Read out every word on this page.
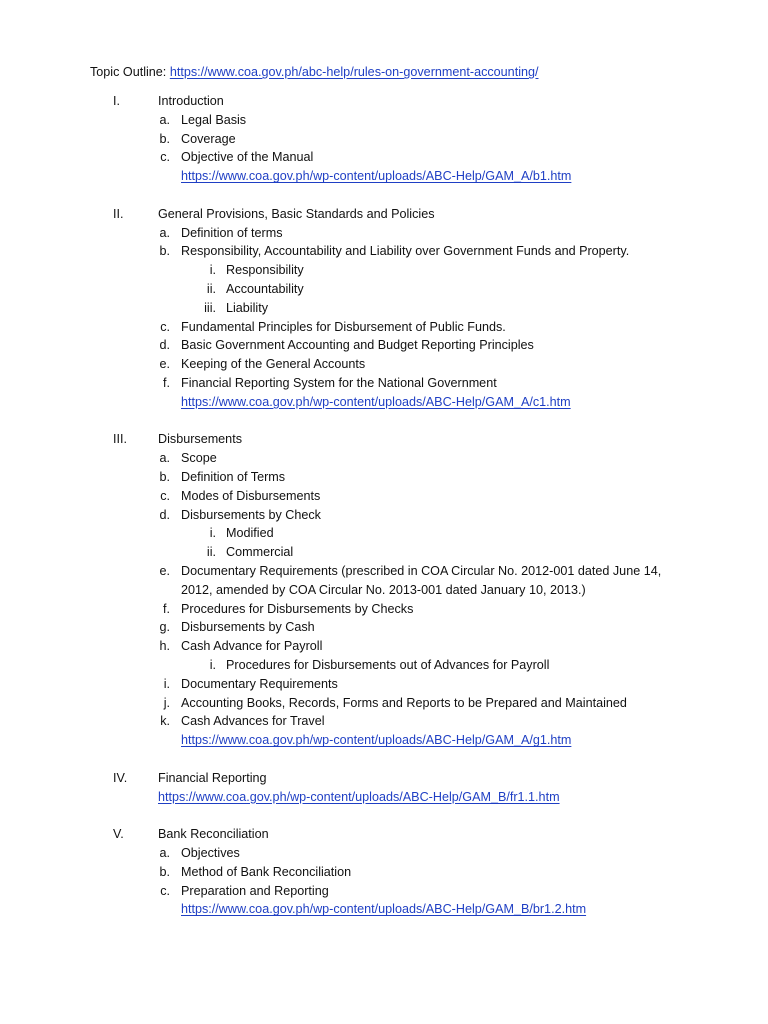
Topic Outline: https://www.coa.gov.ph/abc-help/rules-on-government-accounting/
I.	Introduction
a. Legal Basis
b. Coverage
c. Objective of the Manual
https://www.coa.gov.ph/wp-content/uploads/ABC-Help/GAM_A/b1.htm
II.	General Provisions, Basic Standards and Policies
a. Definition of terms
b. Responsibility, Accountability and Liability over Government Funds and Property.
i. Responsibility
ii. Accountability
iii. Liability
c. Fundamental Principles for Disbursement of Public Funds.
d. Basic Government Accounting and Budget Reporting Principles
e. Keeping of the General Accounts
f. Financial Reporting System for the National Government
https://www.coa.gov.ph/wp-content/uploads/ABC-Help/GAM_A/c1.htm
III. Disbursements
a. Scope
b. Definition of Terms
c. Modes of Disbursements
d. Disbursements by Check
i. Modified
ii. Commercial
e. Documentary Requirements (prescribed in COA Circular No. 2012-001 dated June 14,
2012, amended by COA Circular No. 2013-001 dated January 10, 2013.)
f. Procedures for Disbursements by Checks
g. Disbursements by Cash
h. Cash Advance for Payroll
i. Procedures for Disbursements out of Advances for Payroll
i. Documentary Requirements
j. Accounting Books, Records, Forms and Reports to be Prepared and Maintained
k. Cash Advances for Travel
https://www.coa.gov.ph/wp-content/uploads/ABC-Help/GAM_A/g1.htm
IV. Financial Reporting
https://www.coa.gov.ph/wp-content/uploads/ABC-Help/GAM_B/fr1.1.htm
V.	Bank Reconciliation
a. Objectives
b. Method of Bank Reconciliation
c. Preparation and Reporting
https://www.coa.gov.ph/wp-content/uploads/ABC-Help/GAM_B/br1.2.htm
